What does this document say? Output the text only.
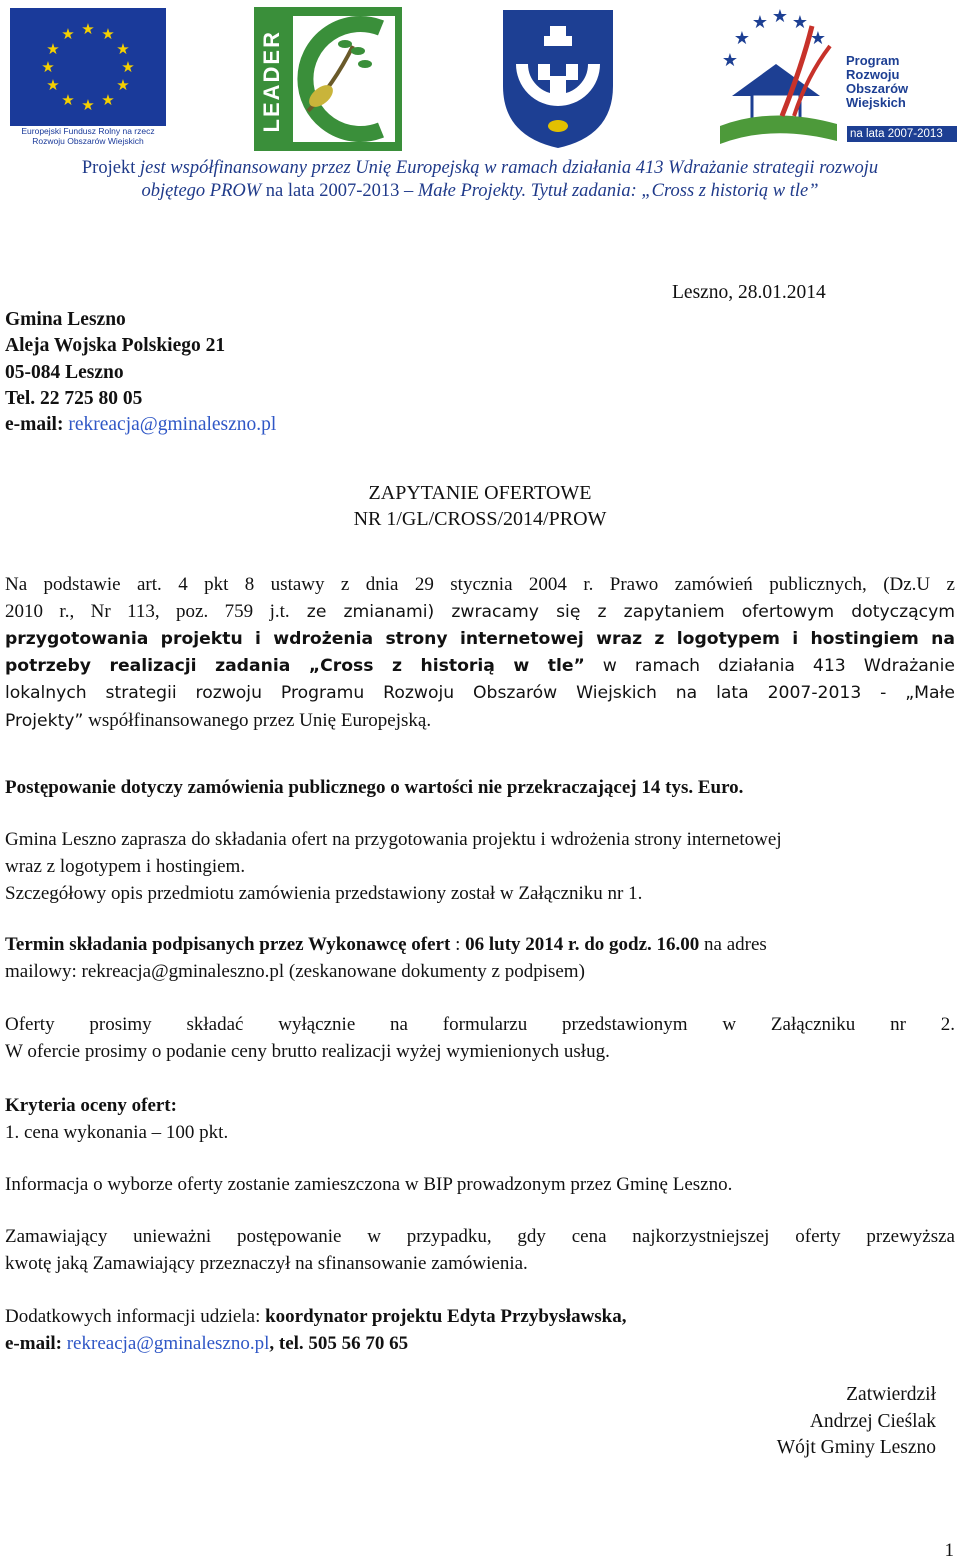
★ ★
★
★
★
★
★
★
★
★
★
★
Europejski Fundusz Rolny na rzecz
Rozwoju Obszarów Wiejskich
LEADER	★
★ ★ ★
★
★	Program
Rozwoju
Obszarów
Wiejskich
na lata 2007-2013
Projekt jest współfinansowany przez Unię Europejską w ramach działania 413 Wdrażanie strategii rozwoju
objętego PROW na lata 2007-2013 – Małe Projekty. Tytuł zadania: „Cross z historią w tle”
Leszno, 28.01.2014
Gmina Leszno
Aleja Wojska Polskiego 21
05-084 Leszno
Tel. 22 725 80 05
e-mail: rekreacja@gminaleszno.pl
ZAPYTANIE OFERTOWE
NR 1/GL/CROSS/2014/PROW
Na podstawie art. 4 pkt 8 ustawy z dnia 29 stycznia 2004 r. Prawo zamówień publicznych, (Dz.U z
2010 r., Nr 113, poz. 759 j.t. ze zmianami) zwracamy się z zapytaniem ofertowym dotyczącym
przygotowania projektu i wdrożenia strony internetowej wraz z logotypem i hostingiem na
potrzeby realizacji zadania „Cross z historią w tle” w ramach działania 413 Wdrażanie
lokalnych strategii rozwoju Programu Rozwoju Obszarów Wiejskich na lata 2007-2013 - „Małe
Projekty” współfinansowanego przez Unię Europejską.
Postępowanie dotyczy zamówienia publicznego o wartości nie przekraczającej 14 tys. Euro.
Gmina Leszno zaprasza do składania ofert na przygotowania projektu i wdrożenia strony internetowej
wraz z logotypem i hostingiem.
Szczegółowy opis przedmiotu zamówienia przedstawiony został w Załączniku nr 1.
Termin składania podpisanych przez Wykonawcę ofert : 06 luty 2014 r. do godz. 16.00 na adres
mailowy: rekreacja@gminaleszno.pl (zeskanowane dokumenty z podpisem)
Oferty prosimy składać wyłącznie na formularzu przedstawionym w Załączniku nr 2.
W ofercie prosimy o podanie ceny brutto realizacji wyżej wymienionych usług.
Kryteria oceny ofert:
1. cena wykonania – 100 pkt.
Informacja o wyborze oferty zostanie zamieszczona w BIP prowadzonym przez Gminę Leszno.
Zamawiający unieważni postępowanie w przypadku, gdy cena najkorzystniejszej oferty przewyższa
kwotę jaką Zamawiający przeznaczył na sfinansowanie zamówienia.
Dodatkowych informacji udziela: koordynator projektu Edyta Przybysławska,
e-mail: rekreacja@gminaleszno.pl, tel. 505 56 70 65
Zatwierdził
Andrzej Cieślak
Wójt Gminy Leszno
1
